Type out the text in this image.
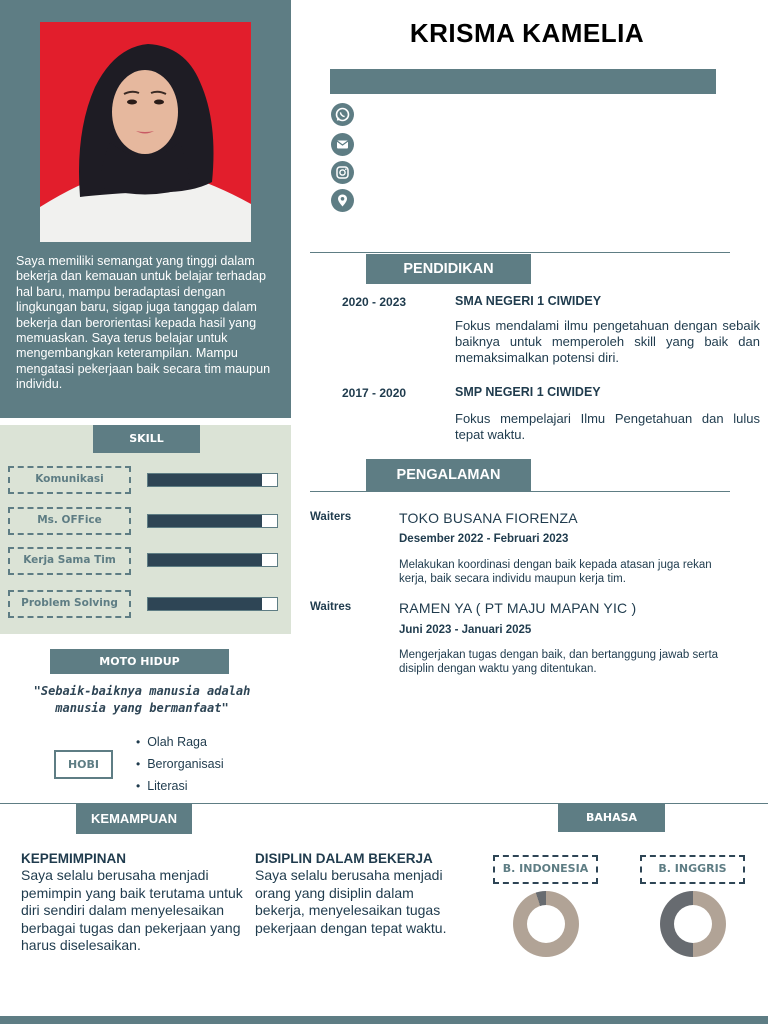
Saya memiliki semangat yang tinggi dalam bekerja dan kemauan untuk belajar terhadap hal baru, mampu beradaptasi dengan lingkungan baru, sigap juga tanggap dalam bekerja dan berorientasi kepada hasil yang memuaskan. Saya terus belajar untuk mengembangkan keterampilan. Mampu mengatasi pekerjaan baik secara tim maupun individu.
SKILL
Komunikasi
Ms. OFFice
Kerja Sama Tim
Problem Solving
MOTO HIDUP
"Sebaik-baiknya manusia adalah manusia yang bermanfaat"
HOBI
• Olah Raga
• Berorganisasi
• Literasi
KRISMA KAMELIA
PENDIDIKAN
2020 - 2023	SMA NEGERI 1 CIWIDEY
Fokus mendalami ilmu pengetahuan dengan sebaik baiknya untuk memperoleh skill yang baik dan memaksimalkan potensi diri.
2017 - 2020	SMP NEGERI 1 CIWIDEY
Fokus mempelajari Ilmu Pengetahuan dan lulus tepat waktu.
PENGALAMAN
Waiters	TOKO BUSANA FIORENZA
Desember 2022 - Februari 2023
Melakukan koordinasi dengan baik kepada atasan juga rekan kerja, baik secara individu maupun kerja tim.
Waitres	RAMEN YA ( PT MAJU MAPAN YIC )
Juni 2023 - Januari 2025
Mengerjakan tugas dengan baik, dan bertanggung jawab serta disiplin dengan waktu yang ditentukan.
KEMAMPUAN
KEPEMIMPINAN
Saya selalu berusaha menjadi pemimpin yang baik terutama untuk diri sendiri dalam menyelesaikan berbagai tugas dan pekerjaan yang harus diselesaikan.
DISIPLIN DALAM BEKERJA
Saya selalu berusaha menjadi orang yang disiplin dalam bekerja, menyelesaikan tugas pekerjaan dengan tepat waktu.
BAHASA
B. INDONESIA	B. INGGRIS
